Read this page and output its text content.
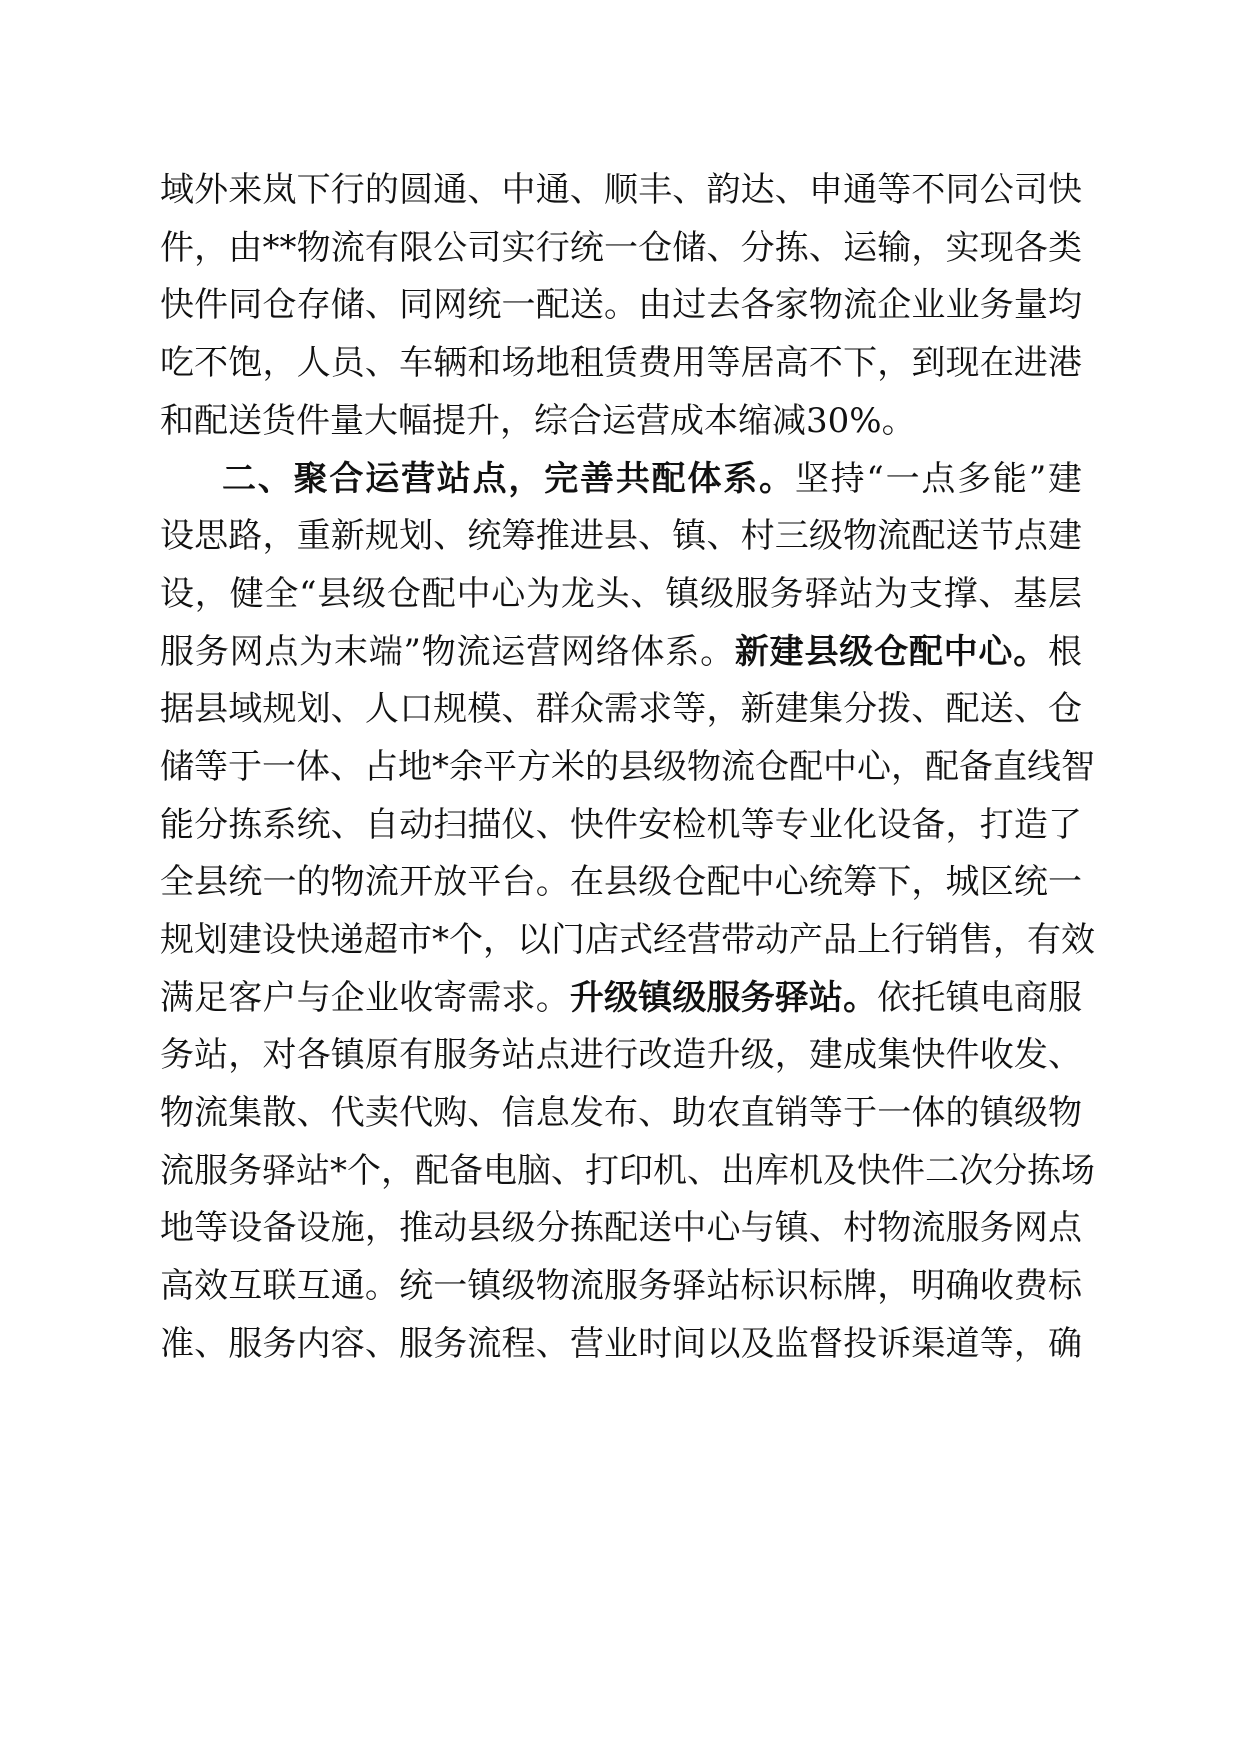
域外来岚下行的圆通、中通、顺丰、韵达、申通等不同公司快
件，由**物流有限公司实行统一仓储、分拣、运输，实现各类
快件同仓存储、同网统一配送。由过去各家物流企业业务量均
吃不饱，人员、车辆和场地租赁费用等居高不下，到现在进港
和配送货件量大幅提升，综合运营成本缩减30%。
二、聚合运营站点，完善共配体系。坚持“一点多能”建
设思路，重新规划、统筹推进县、镇、村三级物流配送节点建
设，健全“县级仓配中心为龙头、镇级服务驿站为支撑、基层
服务网点为末端”物流运营网络体系。新建县级仓配中心。根
据县域规划、人口规模、群众需求等，新建集分拨、配送、仓
储等于一体、占地*余平方米的县级物流仓配中心，配备直线智
能分拣系统、自动扫描仪、快件安检机等专业化设备，打造了
全县统一的物流开放平台。在县级仓配中心统筹下，城区统一
规划建设快递超市*个，以门店式经营带动产品上行销售，有效
满足客户与企业收寄需求。升级镇级服务驿站。依托镇电商服
务站，对各镇原有服务站点进行改造升级，建成集快件收发、
物流集散、代卖代购、信息发布、助农直销等于一体的镇级物
流服务驿站*个，配备电脑、打印机、出库机及快件二次分拣场
地等设备设施，推动县级分拣配送中心与镇、村物流服务网点
高效互联互通。统一镇级物流服务驿站标识标牌，明确收费标
准、服务内容、服务流程、营业时间以及监督投诉渠道等，确
